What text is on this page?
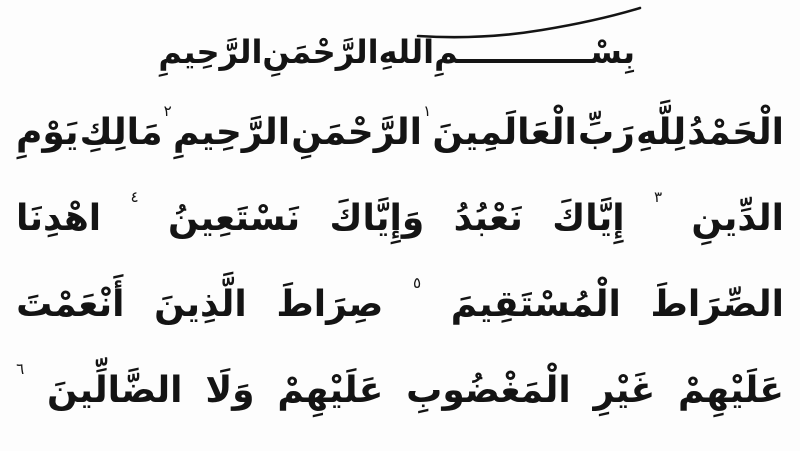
بِسْــــــــــــمِ
اللهِ
الرَّحْمَنِ
الرَّحِيمِ
الْحَمْدُ
لِلَّهِ
رَبِّ
الْعَالَمِينَ
١
الرَّحْمَنِ
الرَّحِيمِ
٢
مَالِكِ
يَوْمِ
الدِّينِ
٣
إِيَّاكَ
نَعْبُدُ
وَإِيَّاكَ
نَسْتَعِينُ
٤
اهْدِنَا
الصِّرَاطَ
الْمُسْتَقِيمَ
٥
صِرَاطَ
الَّذِينَ
أَنْعَمْتَ
عَلَيْهِمْ
غَيْرِ
الْمَغْضُوبِ
عَلَيْهِمْ
وَلَا
الضَّالِّينَ
٦
